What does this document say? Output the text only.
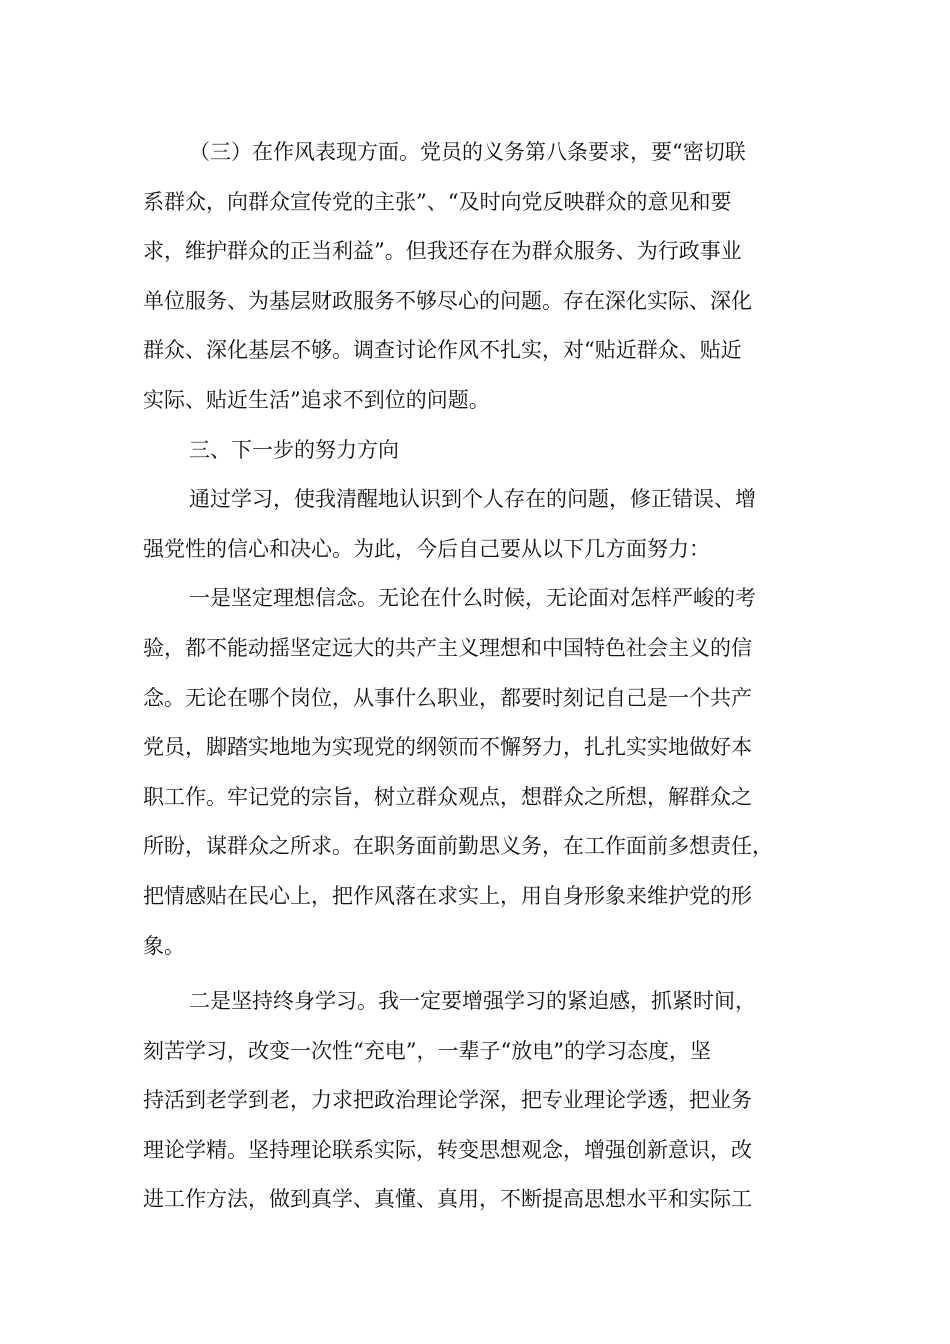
（三）在作风表现方面。党员的义务第八条要求，要“密切联
系群众，向群众宣传党的主张”、“及时向党反映群众的意见和要
求，维护群众的正当利益”。但我还存在为群众服务、为行政事业
单位服务、为基层财政服务不够尽心的问题。存在深化实际、深化
群众、深化基层不够。调查讨论作风不扎实，对“贴近群众、贴近
实际、贴近生活”追求不到位的问题。
三、下一步的努力方向
通过学习，使我清醒地认识到个人存在的问题，修正错误、增
强党性的信心和决心。为此，今后自己要从以下几方面努力：
一是坚定理想信念。无论在什么时候，无论面对怎样严峻的考
验，都不能动摇坚定远大的共产主义理想和中国特色社会主义的信
念。无论在哪个岗位，从事什么职业，都要时刻记自己是一个共产
党员，脚踏实地地为实现党的纲领而不懈努力，扎扎实实地做好本
职工作。牢记党的宗旨，树立群众观点，想群众之所想，解群众之
所盼，谋群众之所求。在职务面前勤思义务，在工作面前多想责任，
把情感贴在民心上，把作风落在求实上，用自身形象来维护党的形
象。
二是坚持终身学习。我一定要增强学习的紧迫感，抓紧时间，
刻苦学习，改变一次性“充电”，一辈子“放电”的学习态度，坚
持活到老学到老，力求把政治理论学深，把专业理论学透，把业务
理论学精。坚持理论联系实际，转变思想观念，增强创新意识，改
进工作方法，做到真学、真懂、真用，不断提高思想水平和实际工
